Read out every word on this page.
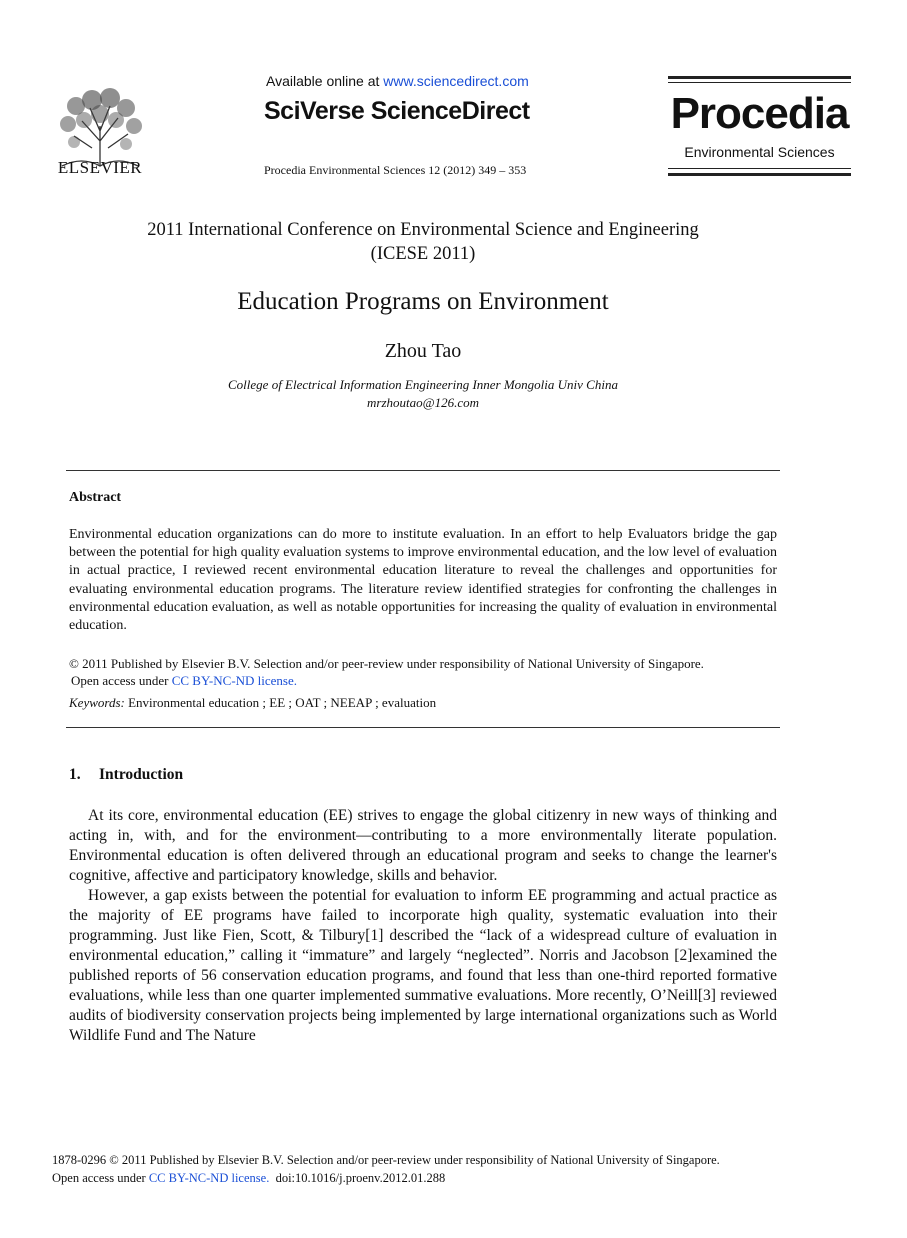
ELSEVIER
Available online at www.sciencedirect.com
SciVerse ScienceDirect
Procedia Environmental Sciences 12 (2012) 349 – 353
Procedia
Environmental Sciences
2011 International Conference on Environmental Science and Engineering
(ICESE 2011)
Education Programs on Environment
Zhou Tao
College of Electrical Information Engineering Inner Mongolia Univ China
mrzhoutao@126.com
Abstract
Environmental education organizations can do more to institute evaluation. In an effort to help Evaluators bridge the gap between the potential for high quality evaluation systems to improve environmental education, and the low level of evaluation in actual practice, I reviewed recent environmental education literature to reveal the challenges and opportunities for evaluating environmental education programs. The literature review identified strategies for confronting the challenges in environmental education evaluation, as well as notable opportunities for increasing the quality of evaluation in environmental education.
© 2011 Published by Elsevier B.V. Selection and/or peer-review under responsibility of National University of Singapore.
Open access under CC BY-NC-ND license.
Keywords: Environmental education ; EE ; OAT ; NEEAP ; evaluation
1. Introduction
At its core, environmental education (EE) strives to engage the global citizenry in new ways of thinking and acting in, with, and for the environment—contributing to a more environmentally literate population. Environmental education is often delivered through an educational program and seeks to change the learner's cognitive, affective and participatory knowledge, skills and behavior.
However, a gap exists between the potential for evaluation to inform EE programming and actual practice as the majority of EE programs have failed to incorporate high quality, systematic evaluation into their programming. Just like Fien, Scott, & Tilbury[1] described the “lack of a widespread culture of evaluation in environmental education,” calling it “immature” and largely “neglected”. Norris and Jacobson [2]examined the published reports of 56 conservation education programs, and found that less than one-third reported formative evaluations, while less than one quarter implemented summative evaluations. More recently, O’Neill[3] reviewed audits of biodiversity conservation projects being implemented by large international organizations such as World Wildlife Fund and The Nature
1878-0296 © 2011 Published by Elsevier B.V. Selection and/or peer-review under responsibility of National University of Singapore.
Open access under CC BY-NC-ND license.  doi:10.1016/j.proenv.2012.01.288
